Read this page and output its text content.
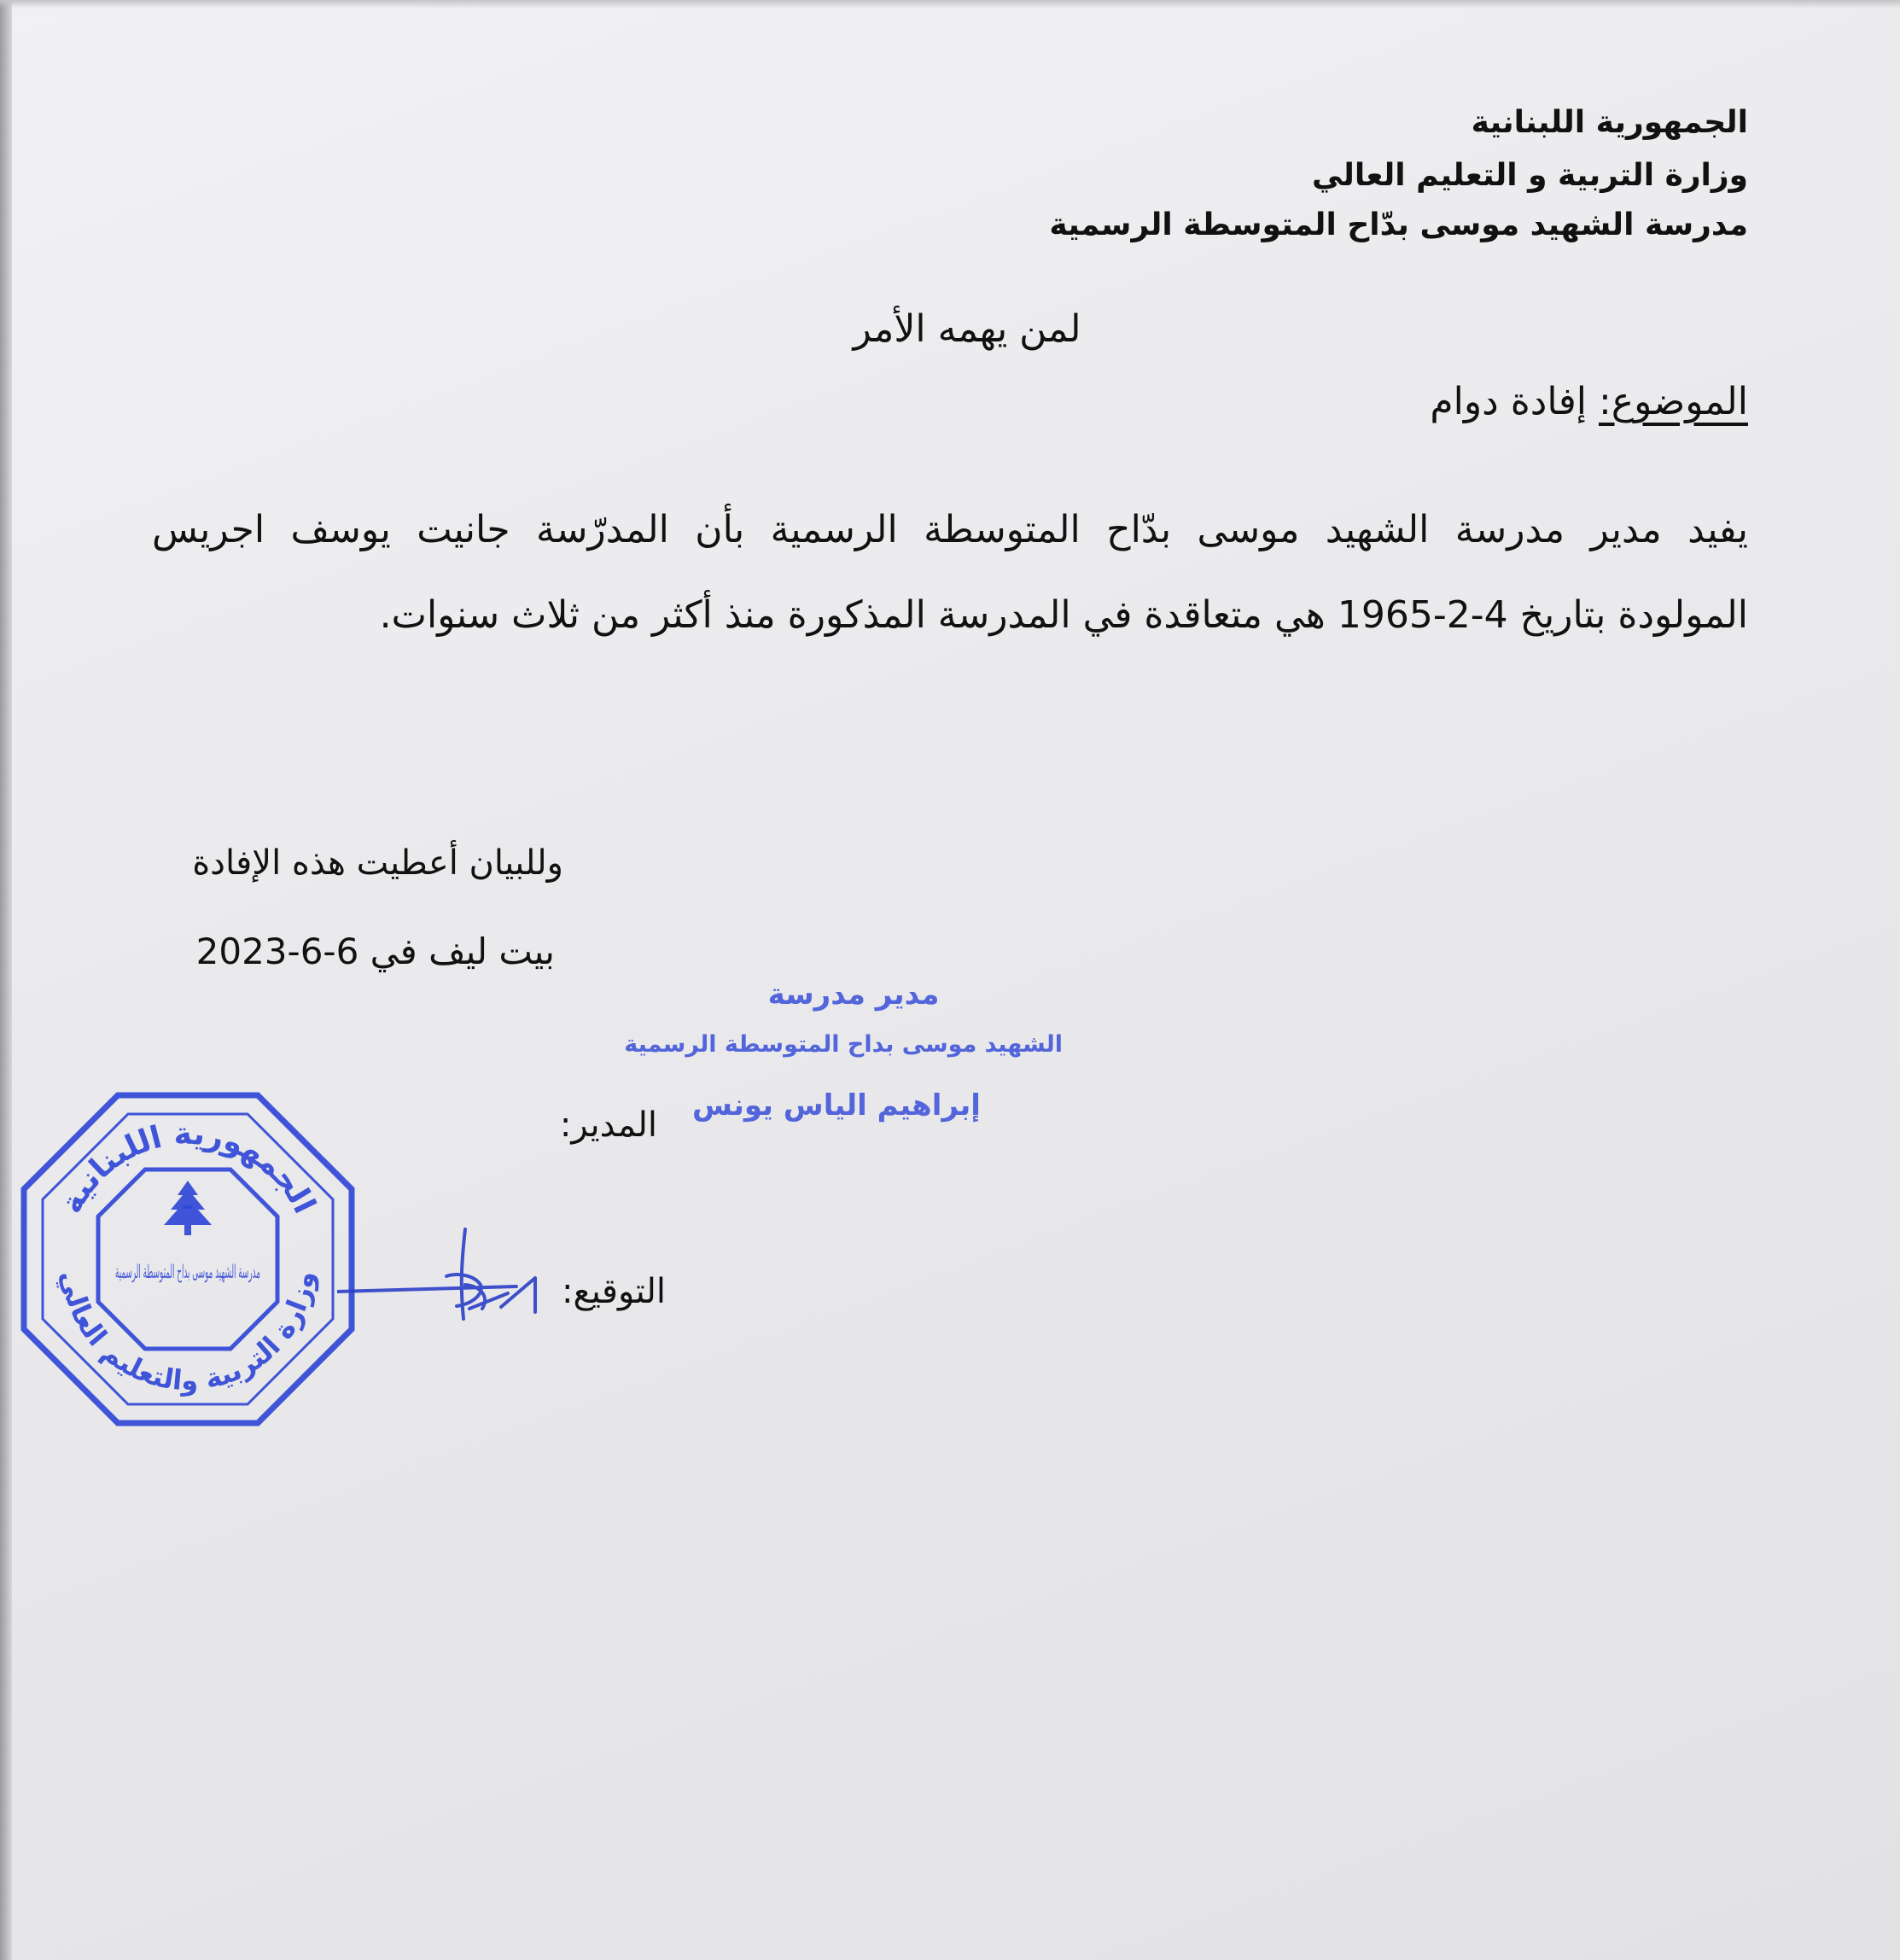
الجمهورية اللبنانية
وزارة التربية و التعليم العالي
مدرسة الشهيد موسى بدّاح المتوسطة الرسمية
لمن يهمه الأمر
الموضوع: إفادة دوام
يفيد مدير مدرسة الشهيد موسى بدّاح المتوسطة الرسمية بأن المدرّسة جانيت يوسف اجريس
المولودة بتاريخ 4-2-1965 هي متعاقدة في المدرسة المذكورة منذ أكثر من ثلاث سنوات.
وللبيان أعطيت هذه الإفادة
بيت ليف في 6-6-2023
مدير مدرسة
الشهيد موسى بداح المتوسطة الرسمية
إبراهيم الياس يونس
المدير:
التوقيع:
الجمهورية اللبنانية
وزارة التربية والتعليم العالي
مدرسة الشهيد موسى بداح المتوسطة الرسمية
-
